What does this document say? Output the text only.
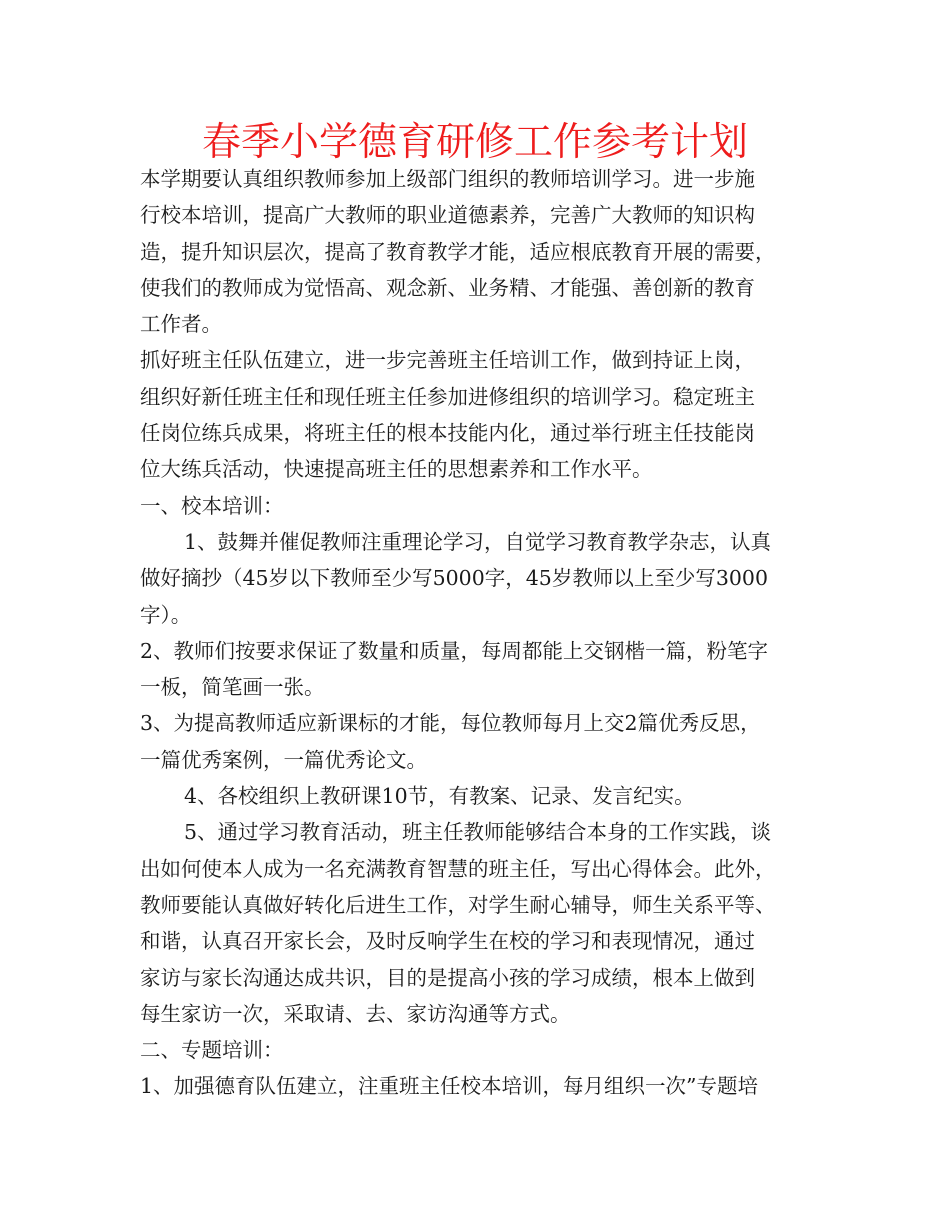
春季小学德育研修工作参考计划
本学期要认真组织教师参加上级部门组织的教师培训学习。进一步施
行校本培训，提高广大教师的职业道德素养，完善广大教师的知识构
造，提升知识层次，提高了教育教学才能，适应根底教育开展的需要，
使我们的教师成为觉悟高、观念新、业务精、才能强、善创新的教育
工作者。
抓好班主任队伍建立，进一步完善班主任培训工作，做到持证上岗，
组织好新任班主任和现任班主任参加进修组织的培训学习。稳定班主
任岗位练兵成果，将班主任的根本技能内化，通过举行班主任技能岗
位大练兵活动，快速提高班主任的思想素养和工作水平。
一、校本培训：
1、鼓舞并催促教师注重理论学习，自觉学习教育教学杂志，认真
做好摘抄（45岁以下教师至少写5000字，45岁教师以上至少写3000
字）。
2、教师们按要求保证了数量和质量，每周都能上交钢楷一篇，粉笔字
一板，简笔画一张。
3、为提高教师适应新课标的才能，每位教师每月上交2篇优秀反思，
一篇优秀案例，一篇优秀论文。
4、各校组织上教研课10节，有教案、记录、发言纪实。
5、通过学习教育活动，班主任教师能够结合本身的工作实践，谈
出如何使本人成为一名充满教育智慧的班主任，写出心得体会。此外，
教师要能认真做好转化后进生工作，对学生耐心辅导，师生关系平等、
和谐，认真召开家长会，及时反响学生在校的学习和表现情况，通过
家访与家长沟通达成共识，目的是提高小孩的学习成绩，根本上做到
每生家访一次，采取请、去、家访沟通等方式。
二、专题培训：
1、加强德育队伍建立，注重班主任校本培训，每月组织一次”专题培
